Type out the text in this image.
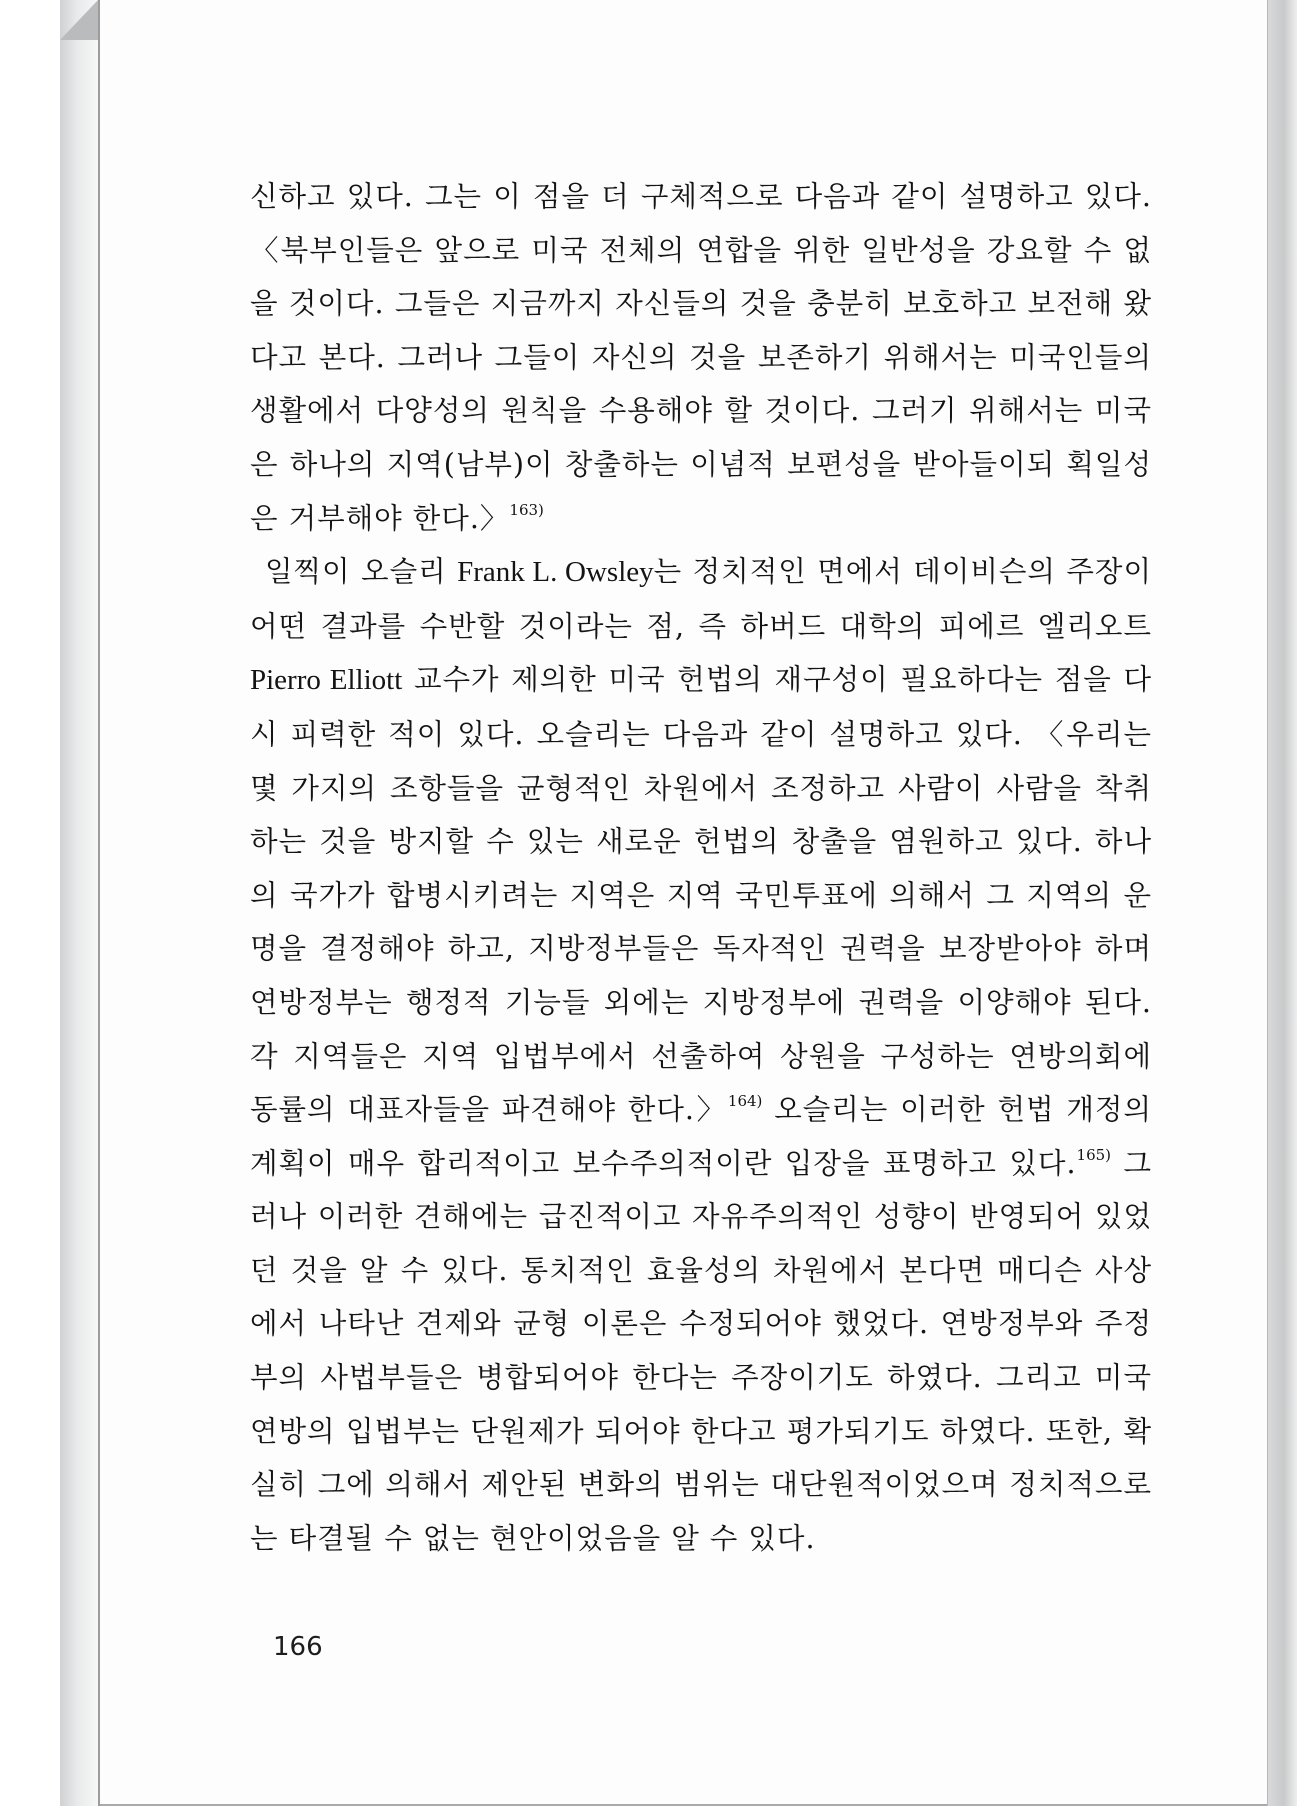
신하고 있다. 그는 이 점을 더 구체적으로 다음과 같이 설명하고 있다. 〈북부인들은 앞으로 미국 전체의 연합을 위한 일반성을 강요할 수 없을 것이다. 그들은 지금까지 자신들의 것을 충분히 보호하고 보전해 왔다고 본다. 그러나 그들이 자신의 것을 보존하기 위해서는 미국인들의 생활에서 다양성의 원칙을 수용해야 할 것이다. 그러기 위해서는 미국은 하나의 지역(남부)이 창출하는 이념적 보편성을 받아들이되 획일성은 거부해야 한다.〉$^{163)}$

일찍이 오슬리 Frank L. Owsley는 정치적인 면에서 데이비슨의 주장이 어떤 결과를 수반할 것이라는 점, 즉 하버드 대학의 피에르 엘리오트 Pierro Elliott 교수가 제의한 미국 헌법의 재구성이 필요하다는 점을 다시 피력한 적이 있다. 오슬리는 다음과 같이 설명하고 있다. 〈우리는 몇 가지의 조항들을 균형적인 차원에서 조정하고 사람이 사람을 착취하는 것을 방지할 수 있는 새로운 헌법의 창출을 염원하고 있다. 하나의 국가가 합병시키려는 지역은 지역 국민투표에 의해서 그 지역의 운명을 결정해야 하고, 지방정부들은 독자적인 권력을 보장받아야 하며 연방정부는 행정적 기능들 외에는 지방정부에 권력을 이양해야 된다. 각 지역들은 지역 입법부에서 선출하여 상원을 구성하는 연방의회에 동률의 대표자들을 파견해야 한다.〉$^{164)}$ 오슬리는 이러한 헌법 개정의 계획이 매우 합리적이고 보수주의적이란 입장을 표명하고 있다.$^{165)}$ 그러나 이러한 견해에는 급진적이고 자유주의적인 성향이 반영되어 있었던 것을 알 수 있다. 통치적인 효율성의 차원에서 본다면 매디슨 사상에서 나타난 견제와 균형 이론은 수정되어야 했었다. 연방정부와 주정부의 사법부들은 병합되어야 한다는 주장이기도 하였다. 그리고 미국 연방의 입법부는 단원제가 되어야 한다고 평가되기도 하였다. 또한, 확실히 그에 의해서 제안된 변화의 범위는 대단원적이었으며 정치적으로는 타결될 수 없는 현안이었음을 알 수 있다.

166
